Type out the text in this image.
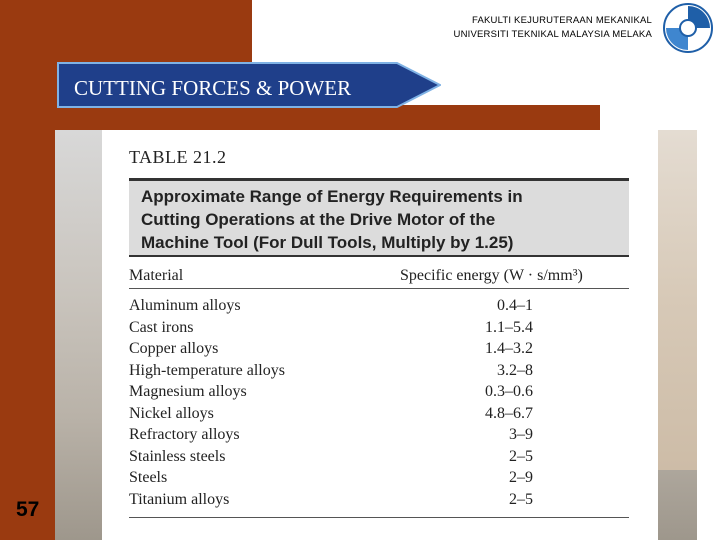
FAKULTI KEJURUTERAAN MEKANIKAL
UNIVERSITI TEKNIKAL MALAYSIA MELAKA
CUTTING FORCES & POWER
57
TABLE 21.2
Approximate Range of Energy Requirements in
Cutting Operations at the Drive Motor of the
Machine Tool (For Dull Tools, Multiply by 1.25)
Material	Specific energy (W · s/mm³)
Aluminum alloys	0.4–1
Cast irons	1.1–5.4
Copper alloys	1.4–3.2
High-temperature alloys	3.2–8
Magnesium alloys	0.3–0.6
Nickel alloys	4.8–6.7
Refractory alloys	3–9
Stainless steels	2–5
Steels	2–9
Titanium alloys	2–5
